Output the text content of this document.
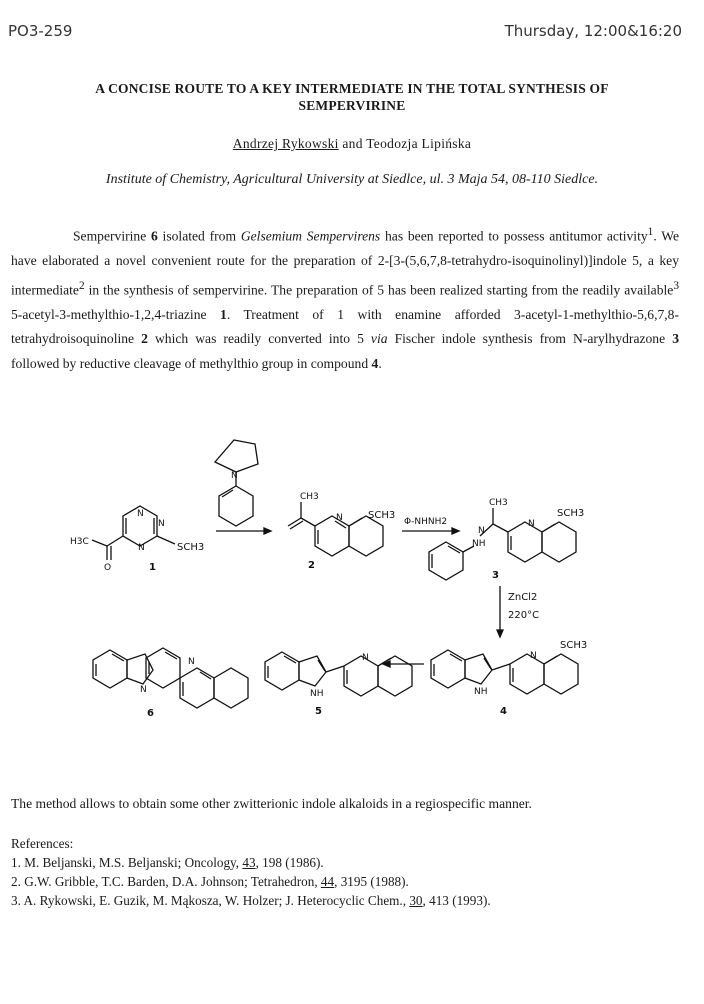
PO3-259	Thursday, 12:00&16:20
A CONCISE ROUTE TO A KEY INTERMEDIATE IN THE TOTAL SYNTHESIS OF
SEMPERVIRINE
Andrzej Rykowski and Teodozja Lipińska
Institute of Chemistry, Agricultural University at Siedlce, ul. 3 Maja 54, 08-110 Siedlce.
Sempervirine 6 isolated from Gelsemium Sempervirens has been reported to possess antitumor activity$^1$. We have elaborated a novel convenient route for the preparation of 2-[3-(5,6,7,8-tetrahydro-isoquinolinyl)]indole 5, a key intermediate$^2$ in the synthesis of sempervirine. The preparation of 5 has been realized starting from the readily available$^3$ 5-acetyl-3-methylthio-1,2,4-triazine 1. Treatment of 1 with enamine afforded 3-acetyl-1-methylthio-5,6,7,8-tetrahydroisoquinoline 2 which was readily converted into 5 via Fischer indole synthesis from N-arylhydrazone 3 followed by reductive cleavage of methylthio group in compound 4.
N
N
N
H3C
O
SCH3
1
N
CH3
N	SCH3
2
Φ-NHNH2
CH3
N
NH
N
SCH3
3
ZnCl2
220°C
NH
N
SCH3
4
NH
N
5
N
N
6
The method allows to obtain some other zwitterionic indole alkaloids in a regiospecific manner.
References:
1. M. Beljanski, M.S. Beljanski; Oncology, 43, 198 (1986).
2. G.W. Gribble, T.C. Barden, D.A. Johnson; Tetrahedron, 44, 3195 (1988).
3. A. Rykowski, E. Guzik, M. Mąkosza, W. Holzer; J. Heterocyclic Chem., 30, 413 (1993).
